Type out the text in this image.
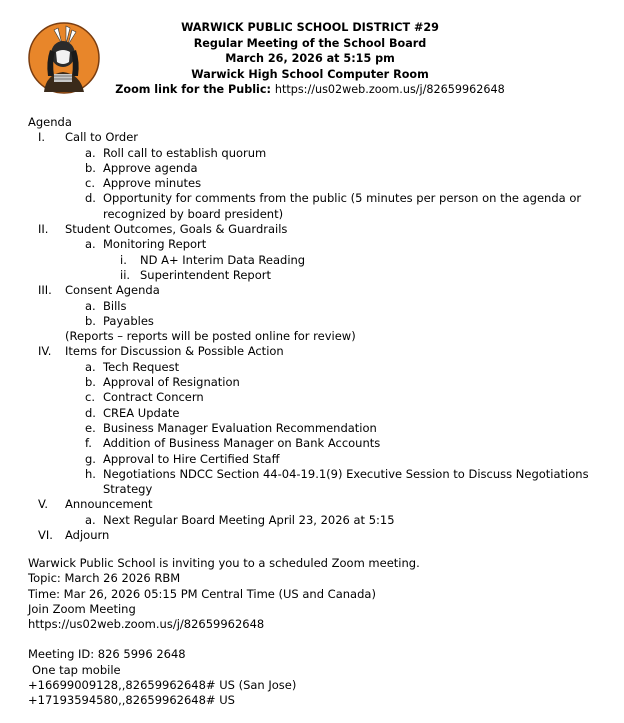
WARWICK PUBLIC SCHOOL DISTRICT #29
Regular Meeting of the School Board
March 26, 2026 at 5:15 pm
Warwick High School Computer Room
Zoom link for the Public: https://us02web.zoom.us/j/82659962648
Agenda
I.	Call to Order
a. Roll call to establish quorum
b. Approve agenda
c. Approve minutes
d. Opportunity for comments from the public (5 minutes per person on the agenda or recognized by board president)
II.	Student Outcomes, Goals & Guardrails
a. Monitoring Report
i.	ND A+ Interim Data Reading
ii. Superintendent Report
III.	Consent Agenda
a. Bills
b. Payables
(Reports – reports will be posted online for review)
IV.	Items for Discussion & Possible Action
a. Tech Request
b. Approval of Resignation
c. Contract Concern
d. CREA Update
e. Business Manager Evaluation Recommendation
f. Addition of Business Manager on Bank Accounts
g. Approval to Hire Certified Staff
h. Negotiations NDCC Section 44-04-19.1(9) Executive Session to Discuss Negotiations Strategy
V.	Announcement
a. Next Regular Board Meeting April 23, 2026 at 5:15
VI.	Adjourn
Warwick Public School is inviting you to a scheduled Zoom meeting.
Topic: March 26 2026 RBM
Time: Mar 26, 2026 05:15 PM Central Time (US and Canada)
Join Zoom Meeting
https://us02web.zoom.us/j/82659962648
Meeting ID: 826 5996 2648
One tap mobile
+16699009128,,82659962648# US (San Jose)
+17193594580,,82659962648# US
